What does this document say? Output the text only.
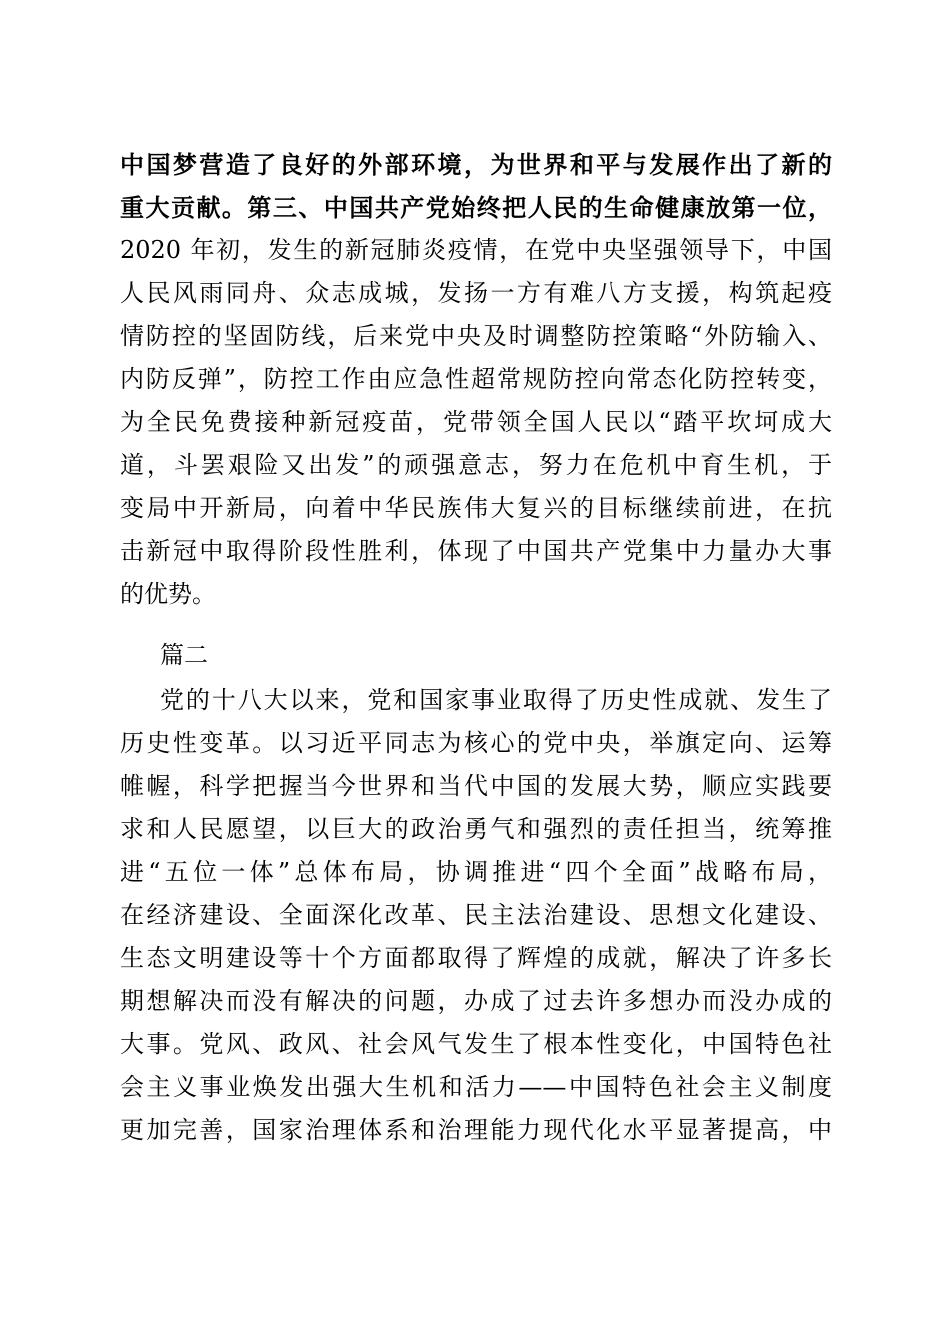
中国梦营造了良好的外部环境，为世界和平与发展作出了新的
重大贡献。第三、中国共产党始终把人民的生命健康放第一位，
2020 年初，发生的新冠肺炎疫情，在党中央坚强领导下，中国
人民风雨同舟、众志成城，发扬一方有难八方支援，构筑起疫
情防控的坚固防线，后来党中央及时调整防控策略“外防输入、
内防反弹”，防控工作由应急性超常规防控向常态化防控转变，
为全民免费接种新冠疫苗，党带领全国人民以“踏平坎坷成大
道，斗罢艰险又出发”的顽强意志，努力在危机中育生机，于
变局中开新局，向着中华民族伟大复兴的目标继续前进，在抗
击新冠中取得阶段性胜利，体现了中国共产党集中力量办大事
的优势。
篇二
党的十八大以来，党和国家事业取得了历史性成就、发生了
历史性变革。以习近平同志为核心的党中央，举旗定向、运筹
帷幄，科学把握当今世界和当代中国的发展大势，顺应实践要
求和人民愿望，以巨大的政治勇气和强烈的责任担当，统筹推
进“五位一体”总体布局，协调推进“四个全面”战略布局，
在经济建设、全面深化改革、民主法治建设、思想文化建设、
生态文明建设等十个方面都取得了辉煌的成就，解决了许多长
期想解决而没有解决的问题，办成了过去许多想办而没办成的
大事。党风、政风、社会风气发生了根本性变化，中国特色社
会主义事业焕发出强大生机和活力——中国特色社会主义制度
更加完善，国家治理体系和治理能力现代化水平显著提高，中
